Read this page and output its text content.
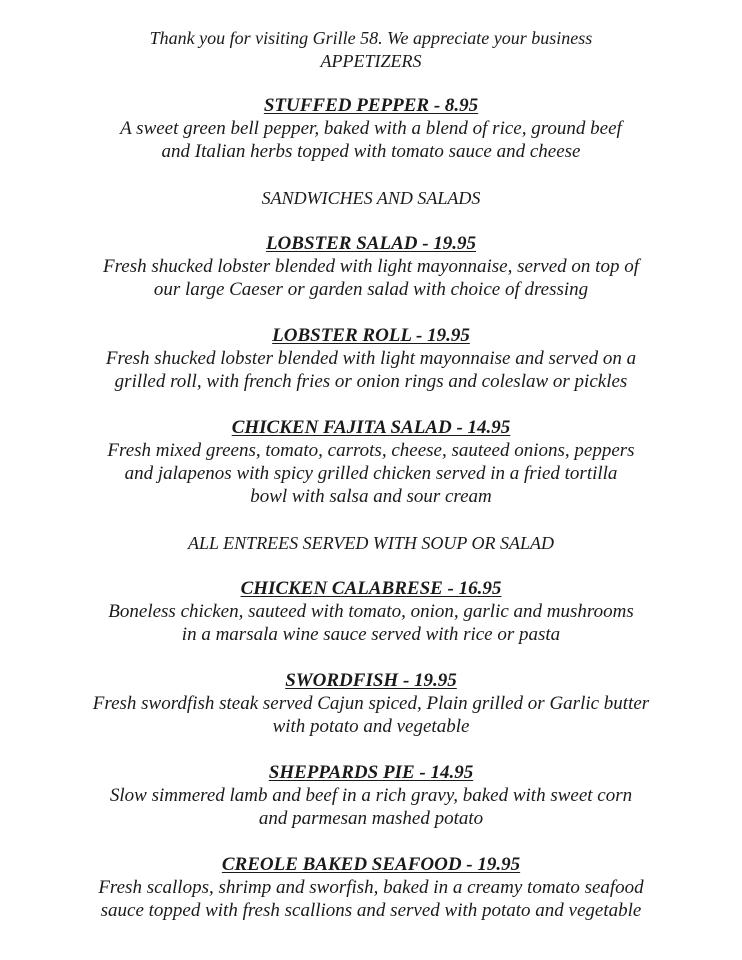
Thank you for visiting Grille 58. We appreciate your business
APPETIZERS
STUFFED PEPPER - 8.95
A sweet green bell pepper, baked with a blend of rice, ground beef
and Italian herbs topped with tomato sauce and cheese
SANDWICHES AND SALADS
LOBSTER SALAD - 19.95
Fresh shucked lobster blended with light mayonnaise, served on top of
our large Caeser or garden salad with choice of dressing
LOBSTER ROLL - 19.95
Fresh shucked lobster blended with light mayonnaise and served on a
grilled roll, with french fries or onion rings and coleslaw or pickles
CHICKEN FAJITA SALAD - 14.95
Fresh mixed greens, tomato, carrots, cheese, sauteed onions, peppers
and jalapenos with spicy grilled chicken served in a fried tortilla
bowl with salsa and sour cream
ALL ENTREES SERVED WITH SOUP OR SALAD
CHICKEN CALABRESE - 16.95
Boneless chicken, sauteed with tomato, onion, garlic and mushrooms
in a marsala wine sauce served with rice or pasta
SWORDFISH - 19.95
Fresh swordfish steak served Cajun spiced, Plain grilled or Garlic butter
with potato and vegetable
SHEPPARDS PIE - 14.95
Slow simmered lamb and beef in a rich gravy, baked with sweet corn
and parmesan mashed potato
CREOLE BAKED SEAFOOD - 19.95
Fresh scallops, shrimp and sworfish, baked in a creamy tomato seafood
sauce topped with fresh scallions and served with potato and vegetable
